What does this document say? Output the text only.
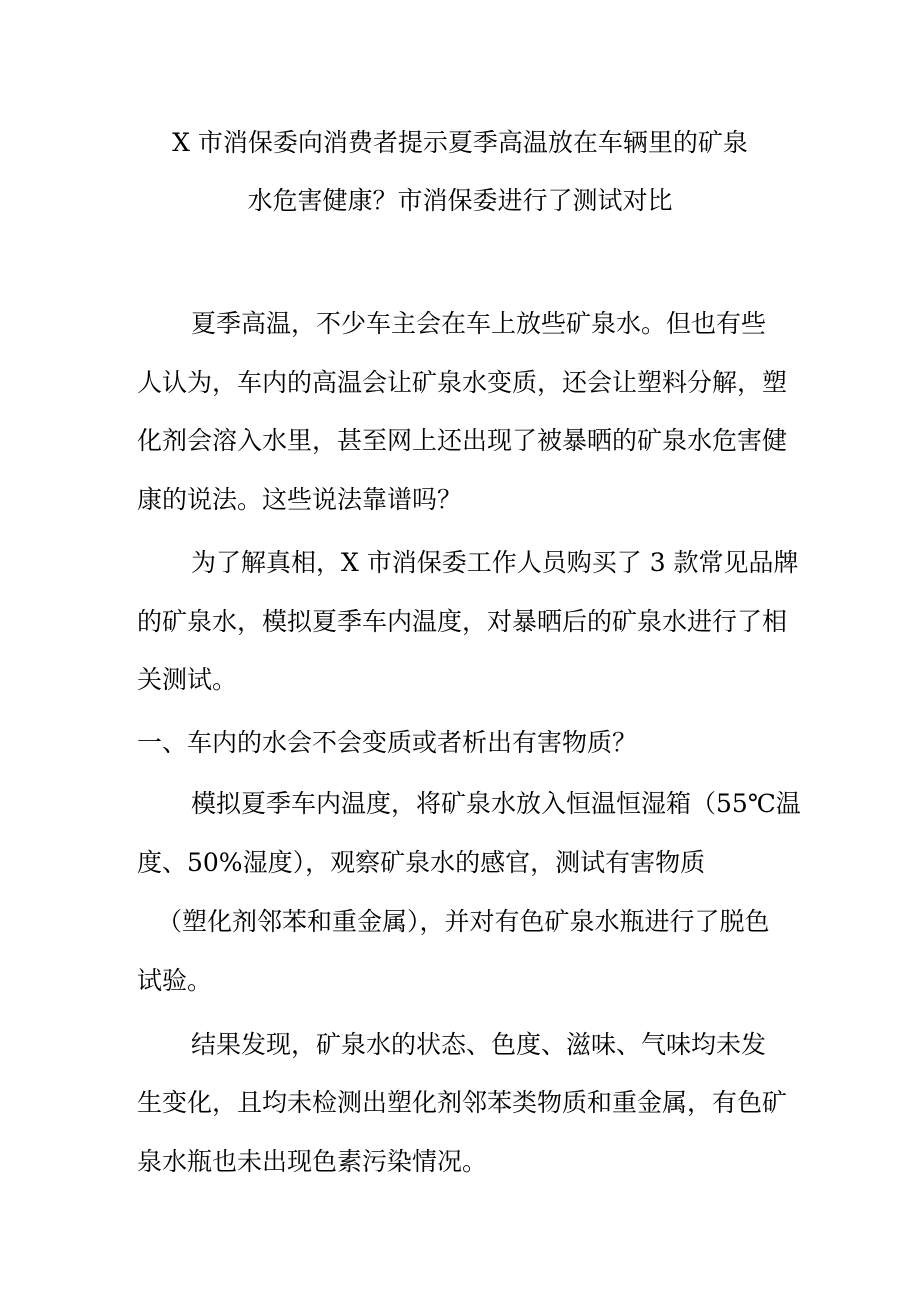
X 市消保委向消费者提示夏季高温放在车辆里的矿泉
水危害健康？市消保委进行了测试对比
夏季高温，不少车主会在车上放些矿泉水。但也有些
人认为，车内的高温会让矿泉水变质，还会让塑料分解，塑
化剂会溶入水里，甚至网上还出现了被暴晒的矿泉水危害健
康的说法。这些说法靠谱吗？
为了解真相，X 市消保委工作人员购买了 3 款常见品牌
的矿泉水，模拟夏季车内温度，对暴晒后的矿泉水进行了相
关测试。
一、车内的水会不会变质或者析出有害物质？
模拟夏季车内温度，将矿泉水放入恒温恒湿箱（55℃温
度、50%湿度），观察矿泉水的感官，测试有害物质
（塑化剂邻苯和重金属），并对有色矿泉水瓶进行了脱色
试验。
结果发现，矿泉水的状态、色度、滋味、气味均未发
生变化，且均未检测出塑化剂邻苯类物质和重金属，有色矿
泉水瓶也未出现色素污染情况。
